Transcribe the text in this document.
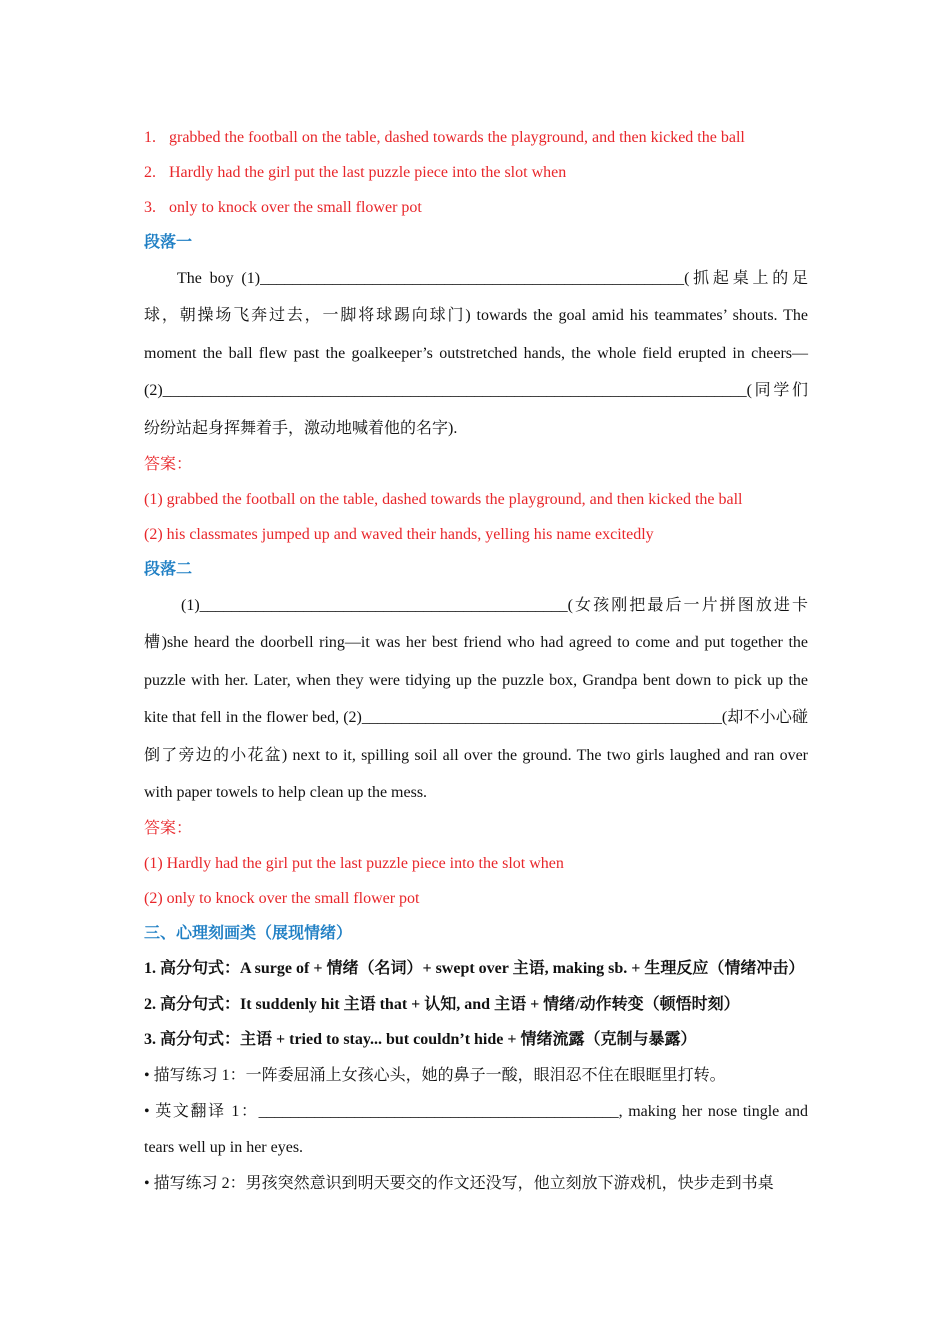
1. grabbed the football on the table, dashed towards the playground, and then kicked the ball
2. Hardly had the girl put the last puzzle piece into the slot when
3. only to knock over the small flower pot
段落一
The boy (1)_____________________________________________________(抓起桌上的足球，朝操场飞奔过去，一脚将球踢向球门) towards the goal amid his teammates’ shouts. The moment the ball flew past the goalkeeper’s outstretched hands, the whole field erupted in cheers—(2)_________________________________________________________________________(同学们纷纷站起身挥舞着手，激动地喊着他的名字).
答案：
(1) grabbed the football on the table, dashed towards the playground, and then kicked the ball
(2) his classmates jumped up and waved their hands, yelling his name excitedly
段落二
(1)______________________________________________(女孩刚把最后一片拼图放进卡槽)she heard the doorbell ring—it was her best friend who had agreed to come and put together the puzzle with her. Later, when they were tidying up the puzzle box, Grandpa bent down to pick up the kite that fell in the flower bed, (2)_____________________________________________(却不小心碰倒了旁边的小花盆) next to it, spilling soil all over the ground. The two girls laughed and ran over with paper towels to help clean up the mess.
答案：
(1) Hardly had the girl put the last puzzle piece into the slot when
(2) only to knock over the small flower pot
三、心理刻画类（展现情绪）
1. 高分句式：A surge of + 情绪（名词）+ swept over 主语, making sb. + 生理反应（情绪冲击）
2. 高分句式：It suddenly hit 主语 that + 认知, and 主语 + 情绪/动作转变（顿悟时刻）
3. 高分句式：主语 + tried to stay... but couldn’t hide + 情绪流露（克制与暴露）
• 描写练习 1：一阵委屈涌上女孩心头，她的鼻子一酸，眼泪忍不住在眼眶里打转。
• 英文翻译 1：_____________________________________________, making her nose tingle and tears well up in her eyes.
• 描写练习 2：男孩突然意识到明天要交的作文还没写，他立刻放下游戏机，快步走到书桌
